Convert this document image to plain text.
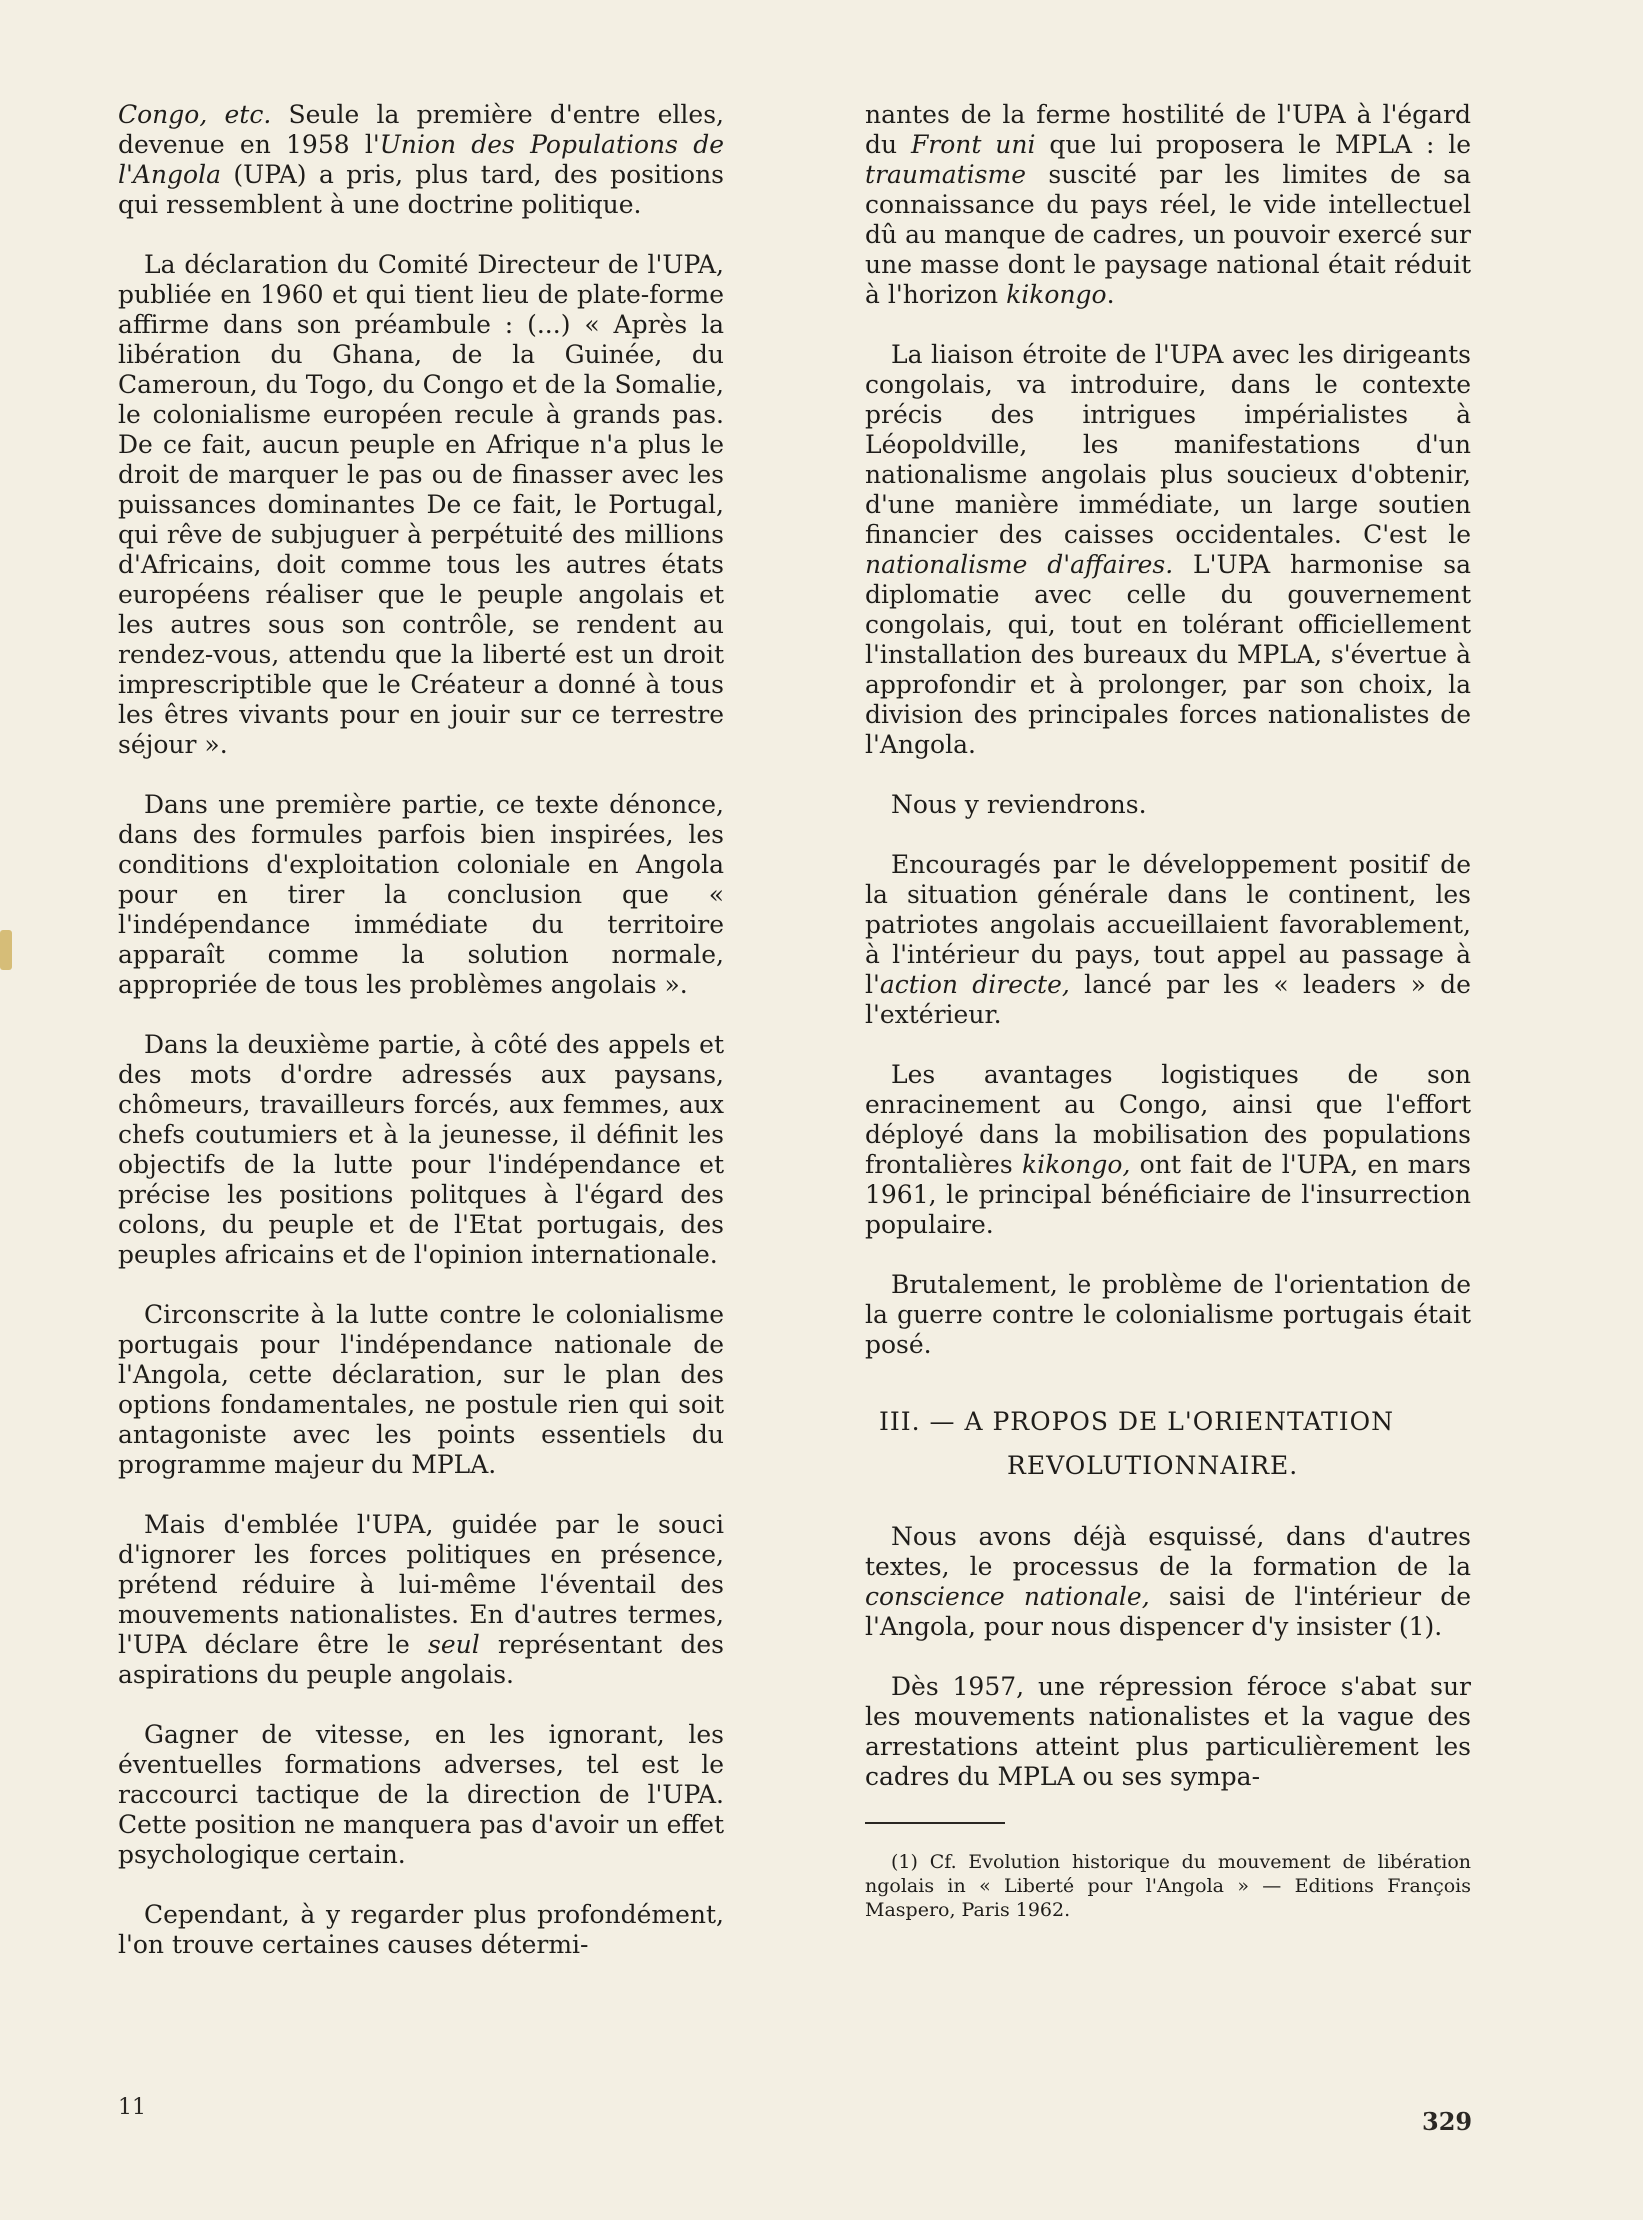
Congo, etc. Seule la première d'entre elles, devenue en 1958 l'Union des Populations de l'Angola (UPA) a pris, plus tard, des positions qui ressemblent à une doctrine politique.

La déclaration du Comité Directeur de l'UPA, publiée en 1960 et qui tient lieu de plate-forme affirme dans son préambule : (...) « Après la libération du Ghana, de la Guinée, du Cameroun, du Togo, du Congo et de la Somalie, le colonialisme européen recule à grands pas. De ce fait, aucun peuple en Afrique n'a plus le droit de marquer le pas ou de finasser avec les puissances dominantes De ce fait, le Portugal, qui rêve de subjuguer à perpétuité des millions d'Africains, doit comme tous les autres états européens réaliser que le peuple angolais et les autres sous son contrôle, se rendent au rendez-vous, attendu que la liberté est un droit imprescriptible que le Créateur a donné à tous les êtres vivants pour en jouir sur ce terrestre séjour ».

Dans une première partie, ce texte dénonce, dans des formules parfois bien inspirées, les conditions d'exploitation coloniale en Angola pour en tirer la conclusion que « l'indépendance immédiate du territoire apparaît comme la solution normale, appropriée de tous les problèmes angolais ».

Dans la deuxième partie, à côté des appels et des mots d'ordre adressés aux paysans, chômeurs, travailleurs forcés, aux femmes, aux chefs coutumiers et à la jeunesse, il définit les objectifs de la lutte pour l'indépendance et précise les positions politques à l'égard des colons, du peuple et de l'Etat portugais, des peuples africains et de l'opinion internationale.

Circonscrite à la lutte contre le colonialisme portugais pour l'indépendance nationale de l'Angola, cette déclaration, sur le plan des options fondamentales, ne postule rien qui soit antagoniste avec les points essentiels du programme majeur du MPLA.

Mais d'emblée l'UPA, guidée par le souci d'ignorer les forces politiques en présence, prétend réduire à lui-même l'éventail des mouvements nationalistes. En d'autres termes, l'UPA déclare être le seul représentant des aspirations du peuple angolais.

Gagner de vitesse, en les ignorant, les éventuelles formations adverses, tel est le raccourci tactique de la direction de l'UPA. Cette position ne manquera pas d'avoir un effet psychologique certain.

Cependant, à y regarder plus profondément, l'on trouve certaines causes détermi-

nantes de la ferme hostilité de l'UPA à l'égard du Front uni que lui proposera le MPLA : le traumatisme suscité par les limites de sa connaissance du pays réel, le vide intellectuel dû au manque de cadres, un pouvoir exercé sur une masse dont le paysage national était réduit à l'horizon kikongo.

La liaison étroite de l'UPA avec les dirigeants congolais, va introduire, dans le contexte précis des intrigues impérialistes à Léopoldville, les manifestations d'un nationalisme angolais plus soucieux d'obtenir, d'une manière immédiate, un large soutien financier des caisses occidentales. C'est le nationalisme d'affaires. L'UPA harmonise sa diplomatie avec celle du gouvernement congolais, qui, tout en tolérant officiellement l'installation des bureaux du MPLA, s'évertue à approfondir et à prolonger, par son choix, la division des principales forces nationalistes de l'Angola.

Nous y reviendrons.

Encouragés par le développement positif de la situation générale dans le continent, les patriotes angolais accueillaient favorablement, à l'intérieur du pays, tout appel au passage à l'action directe, lancé par les « leaders » de l'extérieur.

Les avantages logistiques de son enracinement au Congo, ainsi que l'effort déployé dans la mobilisation des populations frontalières kikongo, ont fait de l'UPA, en mars 1961, le principal bénéficiaire de l'insurrection populaire.

Brutalement, le problème de l'orientation de la guerre contre le colonialisme portugais était posé.

III. — A PROPOS DE L'ORIENTATION
REVOLUTIONNAIRE.

Nous avons déjà esquissé, dans d'autres textes, le processus de la formation de la conscience nationale, saisi de l'intérieur de l'Angola, pour nous dispencer d'y insister (1).

Dès 1957, une répression féroce s'abat sur les mouvements nationalistes et la vague des arrestations atteint plus particulièrement les cadres du MPLA ou ses sympa-

(1) Cf. Evolution historique du mouvement de libération ngolais in « Liberté pour l'Angola » — Editions François Maspero, Paris 1962.
11	329
